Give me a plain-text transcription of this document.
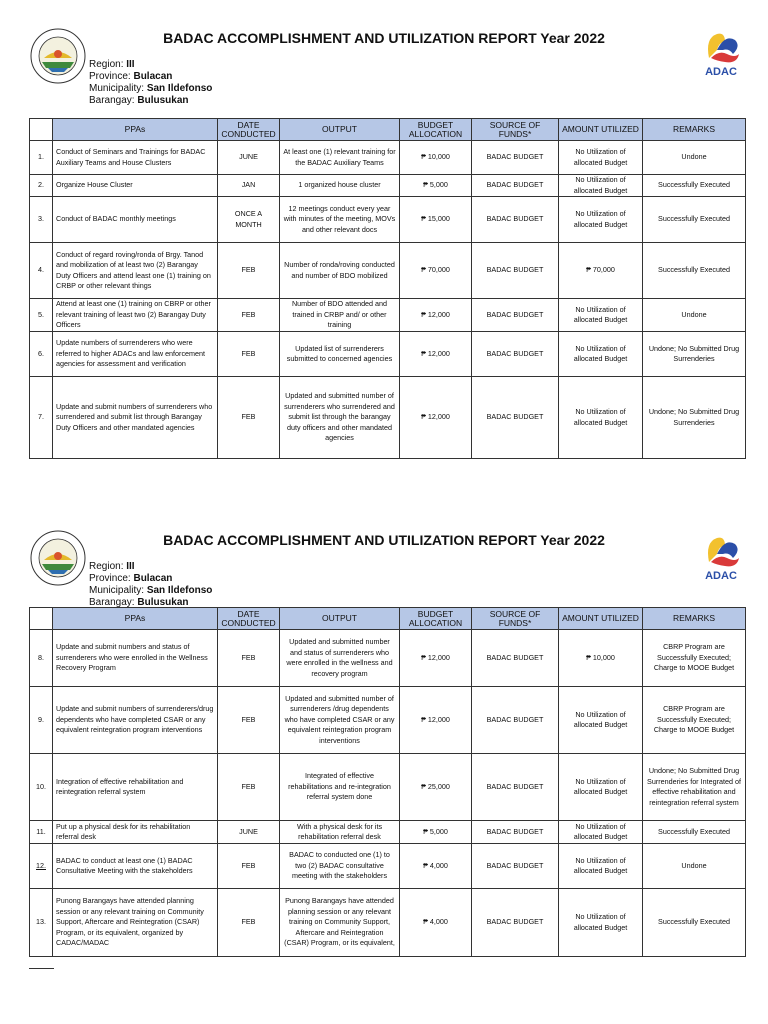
BADAC ACCOMPLISHMENT AND UTILIZATION REPORT Year 2022
ADAC
Region: III
Province: Bulacan
Municipality: San Ildefonso
Barangay: Bulusukan
	PPAs	DATE CONDUCTED	OUTPUT	BUDGET ALLOCATION	SOURCE OF FUNDS*	AMOUNT UTILIZED	REMARKS
1.	Conduct of Seminars and Trainings for BADAC Auxiliary Teams and House Clusters	JUNE	At least one (1) relevant training for the BADAC Auxiliary Teams	₱ 10,000	BADAC BUDGET	No Utilization of allocated Budget	Undone
2.	Organize House Cluster	JAN	1 organized house cluster	₱ 5,000	BADAC BUDGET	No Utilization of allocated Budget	Successfully Executed
3.	Conduct of BADAC monthly meetings	ONCE A MONTH	12 meetings conduct every year with minutes of the meeting, MOVs and other relevant docs	₱ 15,000	BADAC BUDGET	No Utilization of allocated Budget	Successfully Executed
4.	Conduct of regard roving/ronda of Brgy. Tanod and mobilization of at least two (2) Barangay Duty Officers and attend least one (1) training on CRBP or other relevant things	FEB	Number of ronda/roving conducted and number of BDO mobilized	₱ 70,000	BADAC BUDGET	₱ 70,000	Successfully Executed
5.	Attend at least one (1) training on CBRP or other relevant training of least two (2) Barangay Duty Officers	FEB	Number of BDO attended and trained in CRBP and/ or other training	₱ 12,000	BADAC BUDGET	No Utilization of allocated Budget	Undone
6.	Update numbers of surrenderers who were referred to higher ADACs and law enforcement agencies for assessment and verification	FEB	Updated list of surrenderers submitted to concerned agencies	₱ 12,000	BADAC BUDGET	No Utilization of allocated Budget	Undone; No Submitted Drug Surrenderies
7.	Update and submit numbers of surrenderers who surrendered and submit list through Barangay Duty Officers and other mandated agencies	FEB	Updated and submitted number of surrenderers who surrendered and submit list through the barangay duty officers and other mandated agencies	₱ 12,000	BADAC BUDGET	No Utilization of allocated Budget	Undone; No Submitted Drug Surrenderies
BADAC ACCOMPLISHMENT AND UTILIZATION REPORT Year 2022
ADAC
Region: III
Province: Bulacan
Municipality: San Ildefonso
Barangay: Bulusukan
	PPAs	DATE CONDUCTED	OUTPUT	BUDGET ALLOCATION	SOURCE OF FUNDS*	AMOUNT UTILIZED	REMARKS
8.	Update and submit numbers and status of surrenderers who were enrolled in the Wellness Recovery Program	FEB	Updated and submitted number and status of surrenderers who were enrolled in the wellness and recovery program	₱ 12,000	BADAC BUDGET	₱ 10,000	CBRP Program are Successfully Executed; Charge to MOOE Budget
9.	Update and submit numbers of surrenderers/drug dependents who have completed CSAR or any equivalent reintegration program interventions	FEB	Updated and submitted number of surrenderers /drug dependents who have completed CSAR or any equivalent reintegration program interventions	₱ 12,000	BADAC BUDGET	No Utilization of allocated Budget	CBRP Program are Successfully Executed; Charge to MOOE Budget
10.	Integration of effective rehabilitation and reintegration referral system	FEB	Integrated of effective rehabilitations and re-integration referral system done	₱ 25,000	BADAC BUDGET	No Utilization of allocated Budget	Undone; No Submitted Drug Surrenderies for Integrated of effective rehabilitation and reintegration referral system
11.	Put up a physical desk for its rehabilitation referral desk	JUNE	With a physical desk for its rehabilitation referral desk	₱ 5,000	BADAC BUDGET	No Utilization of allocated Budget	Successfully Executed
12.	BADAC to conduct at least one (1) BADAC Consultative Meeting with the stakeholders	FEB	BADAC to conducted one (1) to two (2) BADAC consultative meeting with the stakeholders	₱ 4,000	BADAC BUDGET	No Utilization of allocated Budget	Undone
13.	Punong Barangays have attended planning session or any relevant training on Community Support, Aftercare and Reintegration (CSAR) Program, or its equivalent, organized by CADAC/MADAC	FEB	Punong Barangays have attended planning session or any relevant training on Community Support, Aftercare and Reintegration (CSAR) Program, or its equivalent,	₱ 4,000	BADAC BUDGET	No Utilization of allocated Budget	Successfully Executed
